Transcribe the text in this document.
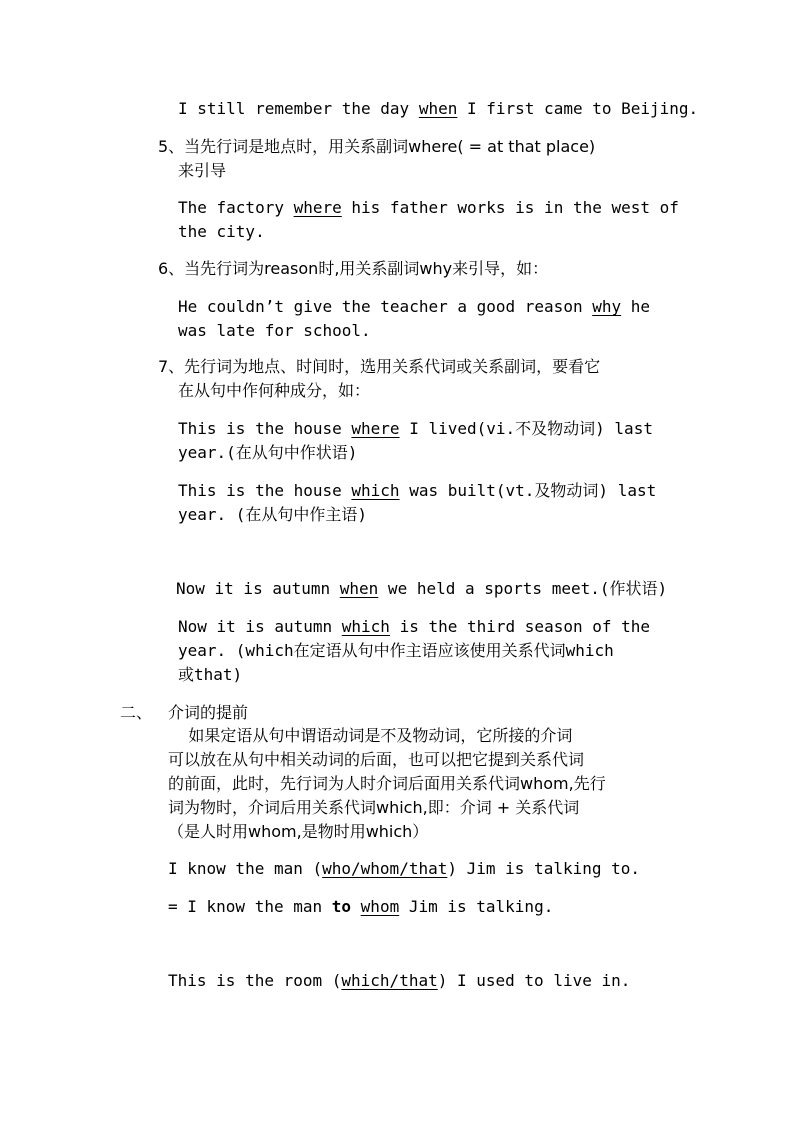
I still remember the day when I first came to Beijing.
5、当先行词是地点时，用关系副词where( = at that place)
来引导
The factory where his father works is in the west of
the city.
6、当先行词为reason时,用关系副词why来引导，如：
He couldn’t give the teacher a good reason why he
was late for school.
7、先行词为地点、时间时，选用关系代词或关系副词，要看它
在从句中作何种成分，如：
This is the house where I lived(vi.不及物动词) last
year.(在从句中作状语)
This is the house which was built(vt.及物动词) last
year. (在从句中作主语)
Now it is autumn when we held a sports meet.(作状语)
Now it is autumn which is the third season of the
year. (which在定语从句中作主语应该使用关系代词which
或that)
二、 介词的提前
如果定语从句中谓语动词是不及物动词，它所接的介词
可以放在从句中相关动词的后面，也可以把它提到关系代词
的前面，此时，先行词为人时介词后面用关系代词whom,先行
词为物时，介词后用关系代词which,即：介词 + 关系代词
（是人时用whom,是物时用which）
I know the man (who/whom/that) Jim is talking to.
= I know the man to whom Jim is talking.
This is the room (which/that) I used to live in.
